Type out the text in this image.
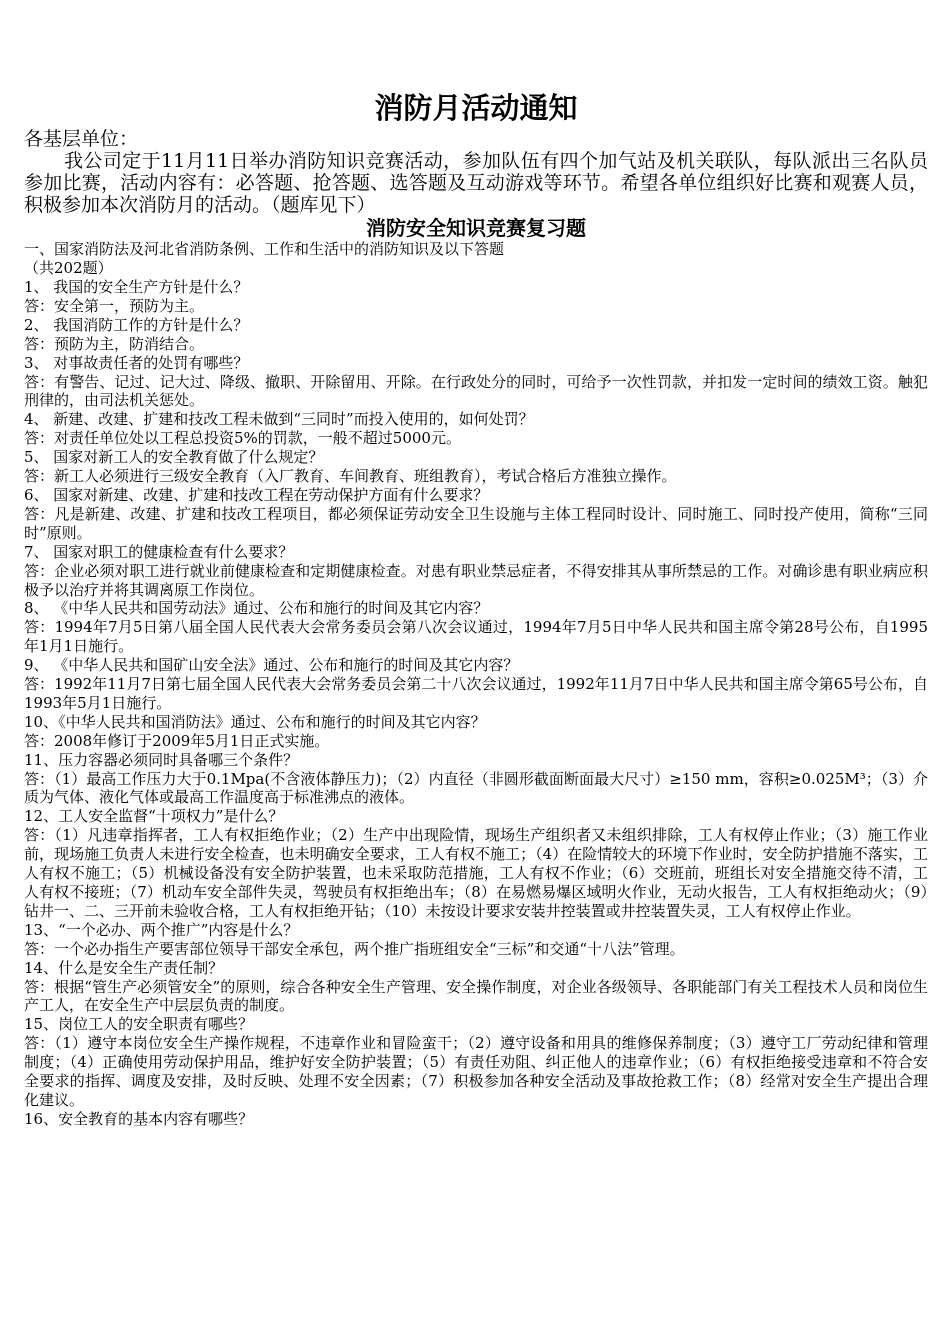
消防月活动通知
各基层单位：
我公司定于11月11日举办消防知识竞赛活动，参加队伍有四个加气站及机关联队，每队派出三名队员参加比赛，活动内容有：必答题、抢答题、选答题及互动游戏等环节。希望各单位组织好比赛和观赛人员，积极参加本次消防月的活动。（题库见下）
消防安全知识竞赛复习题
一、国家消防法及河北省消防条例、工作和生活中的消防知识及以下答题
（共202题）

1、 我国的安全生产方针是什么？

答：安全第一，预防为主。

2、 我国消防工作的方针是什么？

答：预防为主，防消结合。

3、 对事故责任者的处罚有哪些？

答：有警告、记过、记大过、降级、撤职、开除留用、开除。在行政处分的同时，可给予一次性罚款，并扣发一定时间的绩效工资。触犯刑律的，由司法机关惩处。

4、 新建、改建、扩建和技改工程未做到“三同时”而投入使用的，如何处罚？

答：对责任单位处以工程总投资5%的罚款，一般不超过5000元。

5、 国家对新工人的安全教育做了什么规定？

答：新工人必须进行三级安全教育（入厂教育、车间教育、班组教育），考试合格后方准独立操作。

6、 国家对新建、改建、扩建和技改工程在劳动保护方面有什么要求？

答：凡是新建、改建、扩建和技改工程项目，都必须保证劳动安全卫生设施与主体工程同时设计、同时施工、同时投产使用，简称“三同时”原则。

7、 国家对职工的健康检查有什么要求？

答：企业必须对职工进行就业前健康检查和定期健康检查。对患有职业禁忌症者，不得安排其从事所禁忌的工作。对确诊患有职业病应积极予以治疗并将其调离原工作岗位。

8、 《中华人民共和国劳动法》通过、公布和施行的时间及其它内容？

答：1994年7月5日第八届全国人民代表大会常务委员会第八次会议通过，1994年7月5日中华人民共和国主席令第28号公布，自1995年1月1日施行。

9、 《中华人民共和国矿山安全法》通过、公布和施行的时间及其它内容？

答：1992年11月7日第七届全国人民代表大会常务委员会第二十八次会议通过，1992年11月7日中华人民共和国主席令第65号公布，自1993年5月1日施行。

10、《中华人民共和国消防法》通过、公布和施行的时间及其它内容？

答：2008年修订于2009年5月1日正式实施。

11、压力容器必须同时具备哪三个条件？

答：（1）最高工作压力大于0.1Mpa(不含液体静压力)；（2）内直径（非圆形截面断面最大尺寸）≥150 mm，容积≥0.025M³；（3）介质为气体、液化气体或最高工作温度高于标准沸点的液体。

12、工人安全监督“十项权力”是什么？

答：（1）凡违章指挥者，工人有权拒绝作业；（2）生产中出现险情，现场生产组织者又未组织排除，工人有权停止作业；（3）施工作业前，现场施工负责人未进行安全检查，也未明确安全要求，工人有权不施工；（4）在险情较大的环境下作业时，安全防护措施不落实，工人有权不施工；（5）机械设备没有安全防护装置，也未采取防范措施，工人有权不作业；（6）交班前，班组长对安全措施交待不清，工人有权不接班；（7）机动车安全部件失灵，驾驶员有权拒绝出车；（8）在易燃易爆区域明火作业，无动火报告，工人有权拒绝动火；（9）钻井一、二、三开前未验收合格，工人有权拒绝开钻；（10）未按设计要求安装井控装置或井控装置失灵，工人有权停止作业。

13、“一个必办、两个推广”内容是什么？

答：一个必办指生产要害部位领导干部安全承包，两个推广指班组安全“三标”和交通“十八法”管理。

14、什么是安全生产责任制？

答：根据“管生产必须管安全”的原则，综合各种安全生产管理、安全操作制度，对企业各级领导、各职能部门有关工程技术人员和岗位生产工人，在安全生产中层层负责的制度。

15、岗位工人的安全职责有哪些？

答：（1）遵守本岗位安全生产操作规程，不违章作业和冒险蛮干；（2）遵守设备和用具的维修保养制度；（3）遵守工厂劳动纪律和管理制度；（4）正确使用劳动保护用品，维护好安全防护装置；（5）有责任劝阻、纠正他人的违章作业；（6）有权拒绝接受违章和不符合安全要求的指挥、调度及安排，及时反映、处理不安全因素；（7）积极参加各种安全活动及事故抢救工作；（8）经常对安全生产提出合理化建议。

16、安全教育的基本内容有哪些？
